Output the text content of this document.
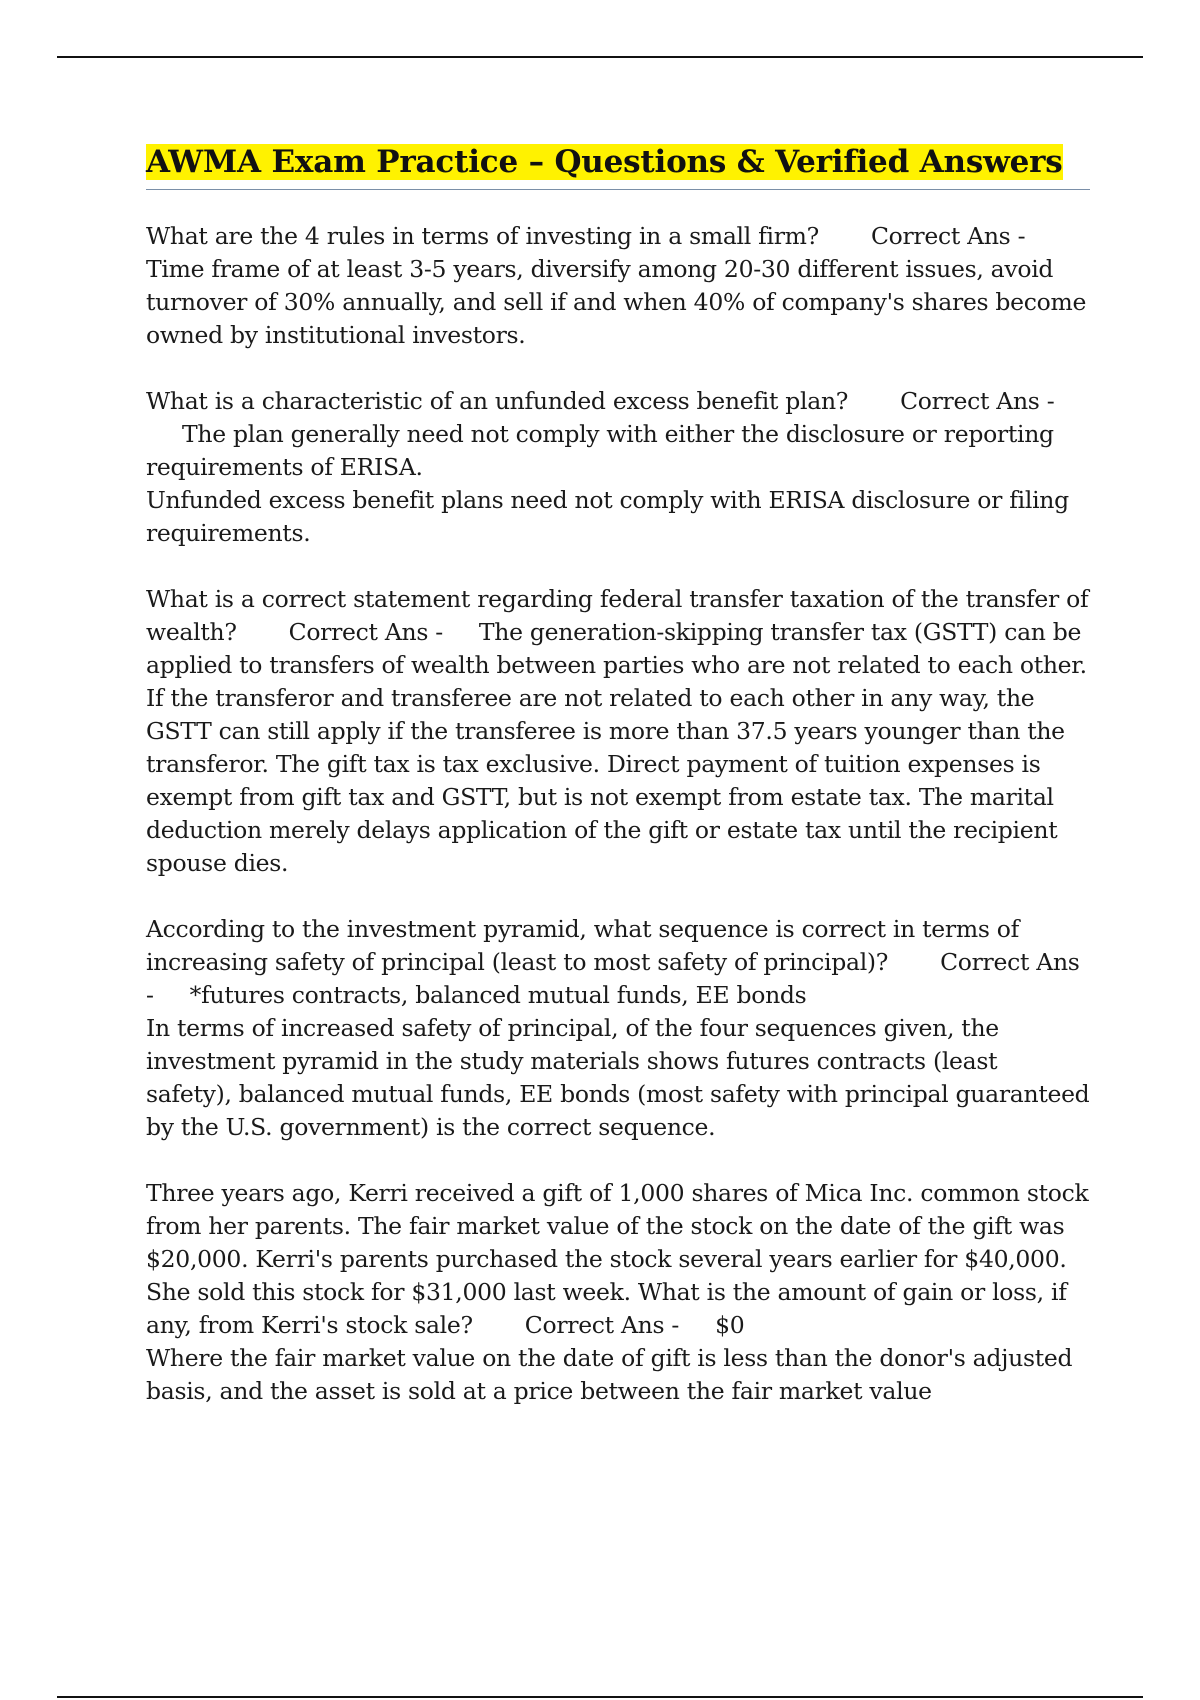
AWMA Exam Practice – Questions & Verified Answers

What are the 4 rules in terms of investing in a small firm? Correct Ans -Time frame of at least 3-5 years, diversify among 20-30 different issues, avoid turnover of 30% annually, and sell if and when 40% of company's shares become owned by institutional investors.

What is a characteristic of an unfunded excess benefit plan? Correct Ans -The plan generally need not comply with either the disclosure or reporting requirements of ERISA.

Unfunded excess benefit plans need not comply with ERISA disclosure or filing requirements.

What is a correct statement regarding federal transfer taxation of the transfer of wealth? Correct Ans - The generation-skipping transfer tax (GSTT) can be applied to transfers of wealth between parties who are not related to each other.

If the transferor and transferee are not related to each other in any way, the GSTT can still apply if the transferee is more than 37.5 years younger than the transferor. The gift tax is tax exclusive. Direct payment of tuition expenses is exempt from gift tax and GSTT, but is not exempt from estate tax. The marital deduction merely delays application of the gift or estate tax until the recipient spouse dies.

According to the investment pyramid, what sequence is correct in terms of increasing safety of principal (least to most safety of principal)? Correct Ans - *futures contracts, balanced mutual funds, EE bonds

In terms of increased safety of principal, of the four sequences given, the investment pyramid in the study materials shows futures contracts (least safety), balanced mutual funds, EE bonds (most safety with principal guaranteed by the U.S. government) is the correct sequence.

Three years ago, Kerri received a gift of 1,000 shares of Mica Inc. common stock from her parents. The fair market value of the stock on the date of the gift was $20,000. Kerri's parents purchased the stock several years earlier for $40,000. She sold this stock for $31,000 last week. What is the amount of gain or loss, if any, from Kerri's stock sale? Correct Ans - $0

Where the fair market value on the date of gift is less than the donor's adjusted basis, and the asset is sold at a price between the fair market value
